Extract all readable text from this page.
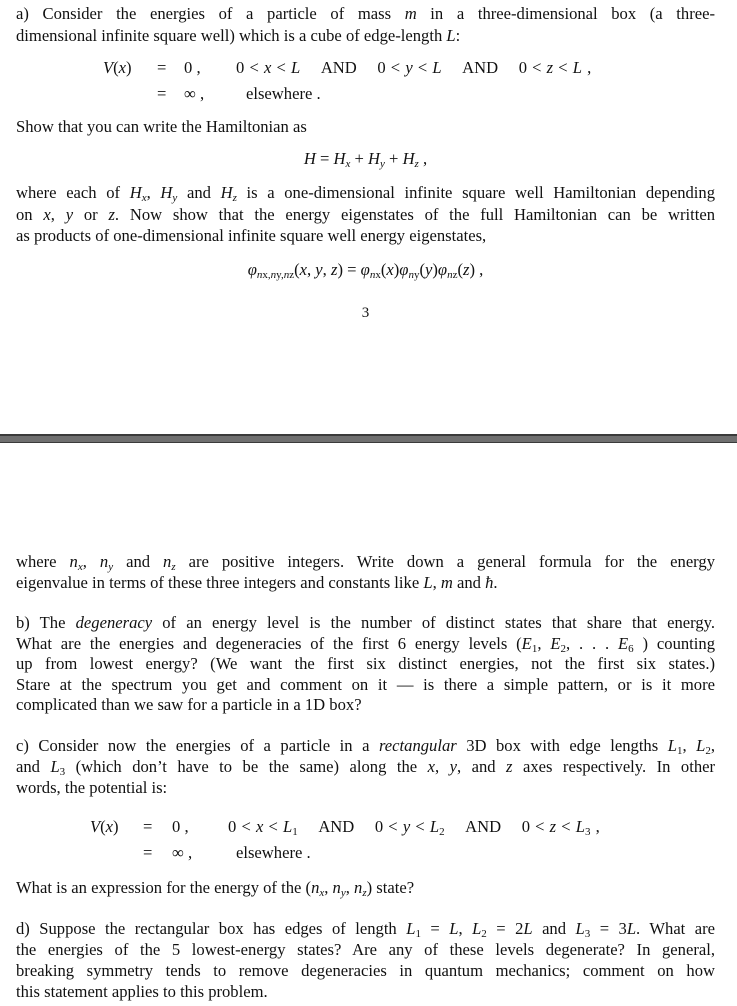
a) Consider the energies of a particle of mass m in a three-dimensional box (a three-
dimensional infinite square well) which is a cube of edge-length L:
V(x) = 0 , 0 < x < L    AND    0 < y < L    AND    0 < z < L ,
= ∞ ,	elsewhere .
Show that you can write the Hamiltonian as
$H = H_x + H_y + H_z$ ,
where each of $H_x$, $H_y$ and $H_z$ is a one-dimensional infinite square well Hamiltonian depending
on x, y or z. Now show that the energy eigenstates of the full Hamiltonian can be written
as products of one-dimensional infinite square well energy eigenstates,
$\varphi_{nx,ny,nz}(x$, y, $z) = \varphi_{nx}(x)\varphi_{ny}(y)\varphi_{nz}(z)$ ,
3
where $n_x$, $n_y$ and $n_z$ are positive integers. Write down a general formula for the energy
eigenvalue in terms of these three integers and constants like L, m and ħ.
b) The degeneracy of an energy level is the number of distinct states that share that energy.
What are the energies and degeneracies of the first 6 energy levels ($E_1$, $E_2$, . . . $E_6$ ) counting
up from lowest energy? (We want the first six distinct energies, not the first six states.)
Stare at the spectrum you get and comment on it — is there a simple pattern, or is it more
complicated than we saw for a particle in a 1D box?
c) Consider now the energies of a particle in a rectangular 3D box with edge lengths $L_1$, $L_2$,
and $L_3$ (which don’t have to be the same) along the x, y, and z axes respectively. In other
words, the potential is:
V(x) = 0 , $0 < x < L_1$    AND    $0 < y < L_2$    AND    $0 < z < L_3$ ,
= ∞ ,	elsewhere .
What is an expression for the energy of the ($n_x$, $n_y$, $n_z$) state?
d) Suppose the rectangular box has edges of length $L_1 = L$, $L_2 = 2L$ and $L_3 = 3L$. What are
the energies of the 5 lowest-energy states? Are any of these levels degenerate? In general,
breaking symmetry tends to remove degeneracies in quantum mechanics; comment on how
this statement applies to this problem.
